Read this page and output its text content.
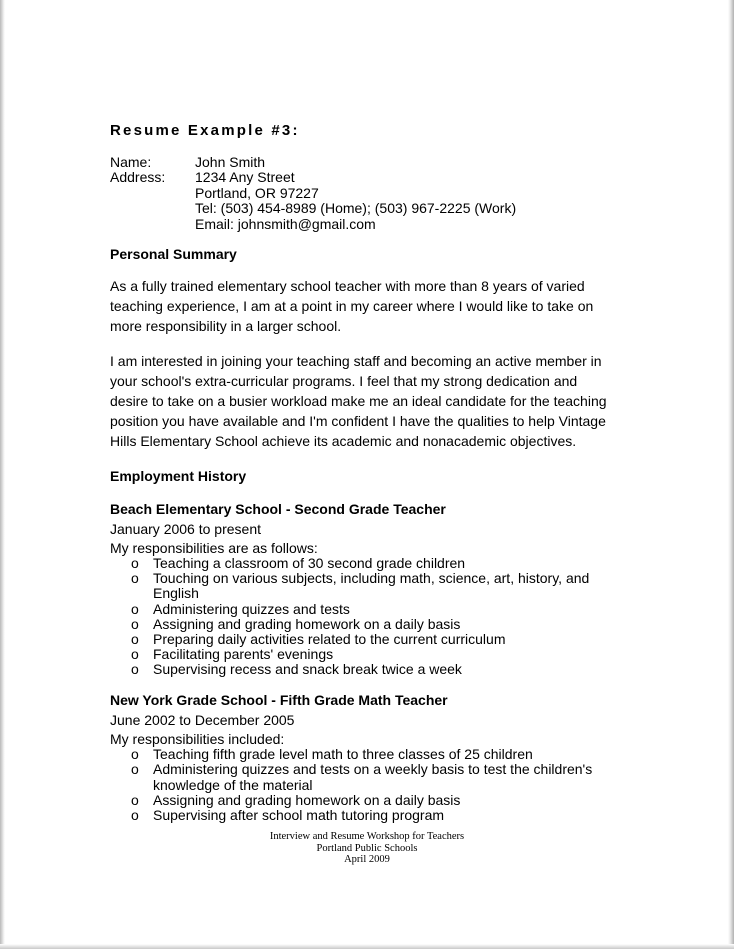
Resume Example #3:
Name:	John Smith
Address:	1234 Any Street
Portland, OR 97227
Tel: (503) 454-8989 (Home); (503) 967-2225 (Work)
Email: johnsmith@gmail.com
Personal Summary
As a fully trained elementary school teacher with more than 8 years of varied
teaching experience, I am at a point in my career where I would like to take on
more responsibility in a larger school.
I am interested in joining your teaching staff and becoming an active member in
your school's extra-curricular programs. I feel that my strong dedication and
desire to take on a busier workload make me an ideal candidate for the teaching
position you have available and I'm confident I have the qualities to help Vintage
Hills Elementary School achieve its academic and nonacademic objectives.
Employment History
Beach Elementary School - Second Grade Teacher
January 2006 to present
My responsibilities are as follows:
o Teaching a classroom of 30 second grade children
o Touching on various subjects, including math, science, art, history, and
English
o Administering quizzes and tests
o Assigning and grading homework on a daily basis
o Preparing daily activities related to the current curriculum
o Facilitating parents' evenings
o Supervising recess and snack break twice a week
New York Grade School - Fifth Grade Math Teacher
June 2002 to December 2005
My responsibilities included:
o Teaching fifth grade level math to three classes of 25 children
o Administering quizzes and tests on a weekly basis to test the children's
knowledge of the material
o Assigning and grading homework on a daily basis
o Supervising after school math tutoring program
Interview and Resume Workshop for Teachers
Portland Public Schools
April 2009
